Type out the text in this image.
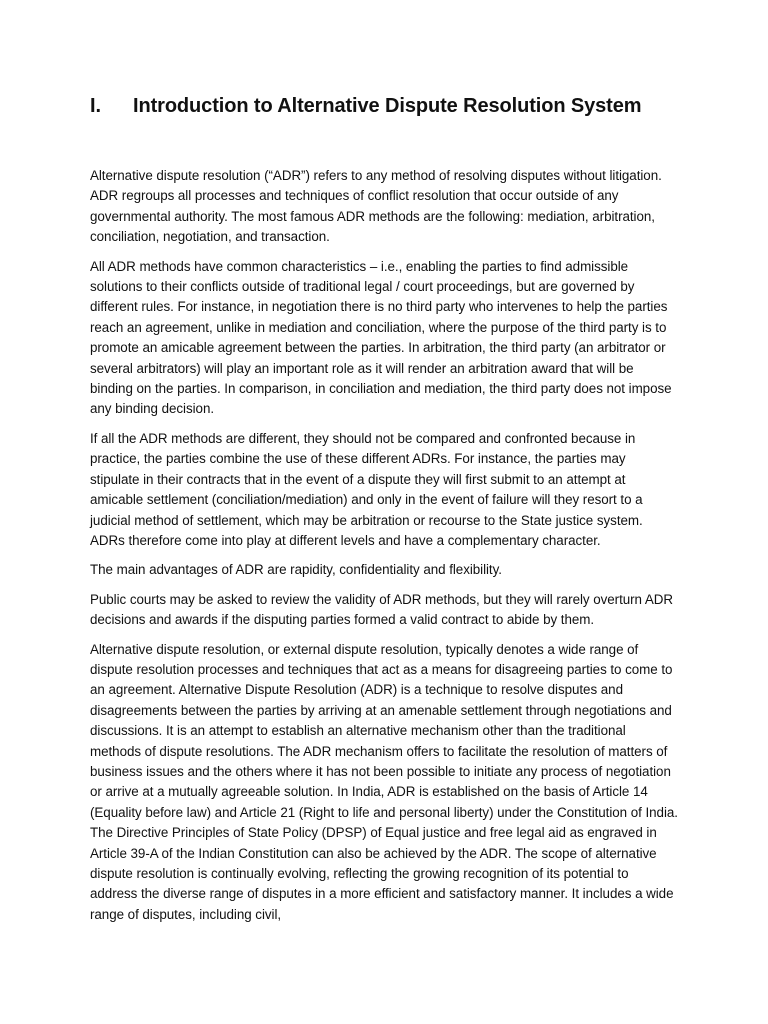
I.	Introduction to Alternative Dispute Resolution System

Alternative dispute resolution (“ADR”) refers to any method of resolving disputes without litigation. ADR regroups all processes and techniques of conflict resolution that occur outside of any governmental authority. The most famous ADR methods are the following: mediation, arbitration, conciliation, negotiation, and transaction.

All ADR methods have common characteristics – i.e., enabling the parties to find admissible solutions to their conflicts outside of traditional legal / court proceedings, but are governed by different rules. For instance, in negotiation there is no third party who intervenes to help the parties reach an agreement, unlike in mediation and conciliation, where the purpose of the third party is to promote an amicable agreement between the parties. In arbitration, the third party (an arbitrator or several arbitrators) will play an important role as it will render an arbitration award that will be binding on the parties. In comparison, in conciliation and mediation, the third party does not impose any binding decision.

If all the ADR methods are different, they should not be compared and confronted because in practice, the parties combine the use of these different ADRs. For instance, the parties may stipulate in their contracts that in the event of a dispute they will first submit to an attempt at amicable settlement (conciliation/mediation) and only in the event of failure will they resort to a judicial method of settlement, which may be arbitration or recourse to the State justice system. ADRs therefore come into play at different levels and have a complementary character.

The main advantages of ADR are rapidity, confidentiality and flexibility.

Public courts may be asked to review the validity of ADR methods, but they will rarely overturn ADR decisions and awards if the disputing parties formed a valid contract to abide by them.

Alternative dispute resolution, or external dispute resolution, typically denotes a wide range of dispute resolution processes and techniques that act as a means for disagreeing parties to come to an agreement. Alternative Dispute Resolution (ADR) is a technique to resolve disputes and disagreements between the parties by arriving at an amenable settlement through negotiations and discussions. It is an attempt to establish an alternative mechanism other than the traditional methods of dispute resolutions. The ADR mechanism offers to facilitate the resolution of matters of business issues and the others where it has not been possible to initiate any process of negotiation or arrive at a mutually agreeable solution. In India, ADR is established on the basis of Article 14 (Equality before law) and Article 21 (Right to life and personal liberty) under the Constitution of India. The Directive Principles of State Policy (DPSP) of Equal justice and free legal aid as engraved in Article 39-A of the Indian Constitution can also be achieved by the ADR. The scope of alternative dispute resolution is continually evolving, reflecting the growing recognition of its potential to address the diverse range of disputes in a more efficient and satisfactory manner. It includes a wide range of disputes, including civil,
